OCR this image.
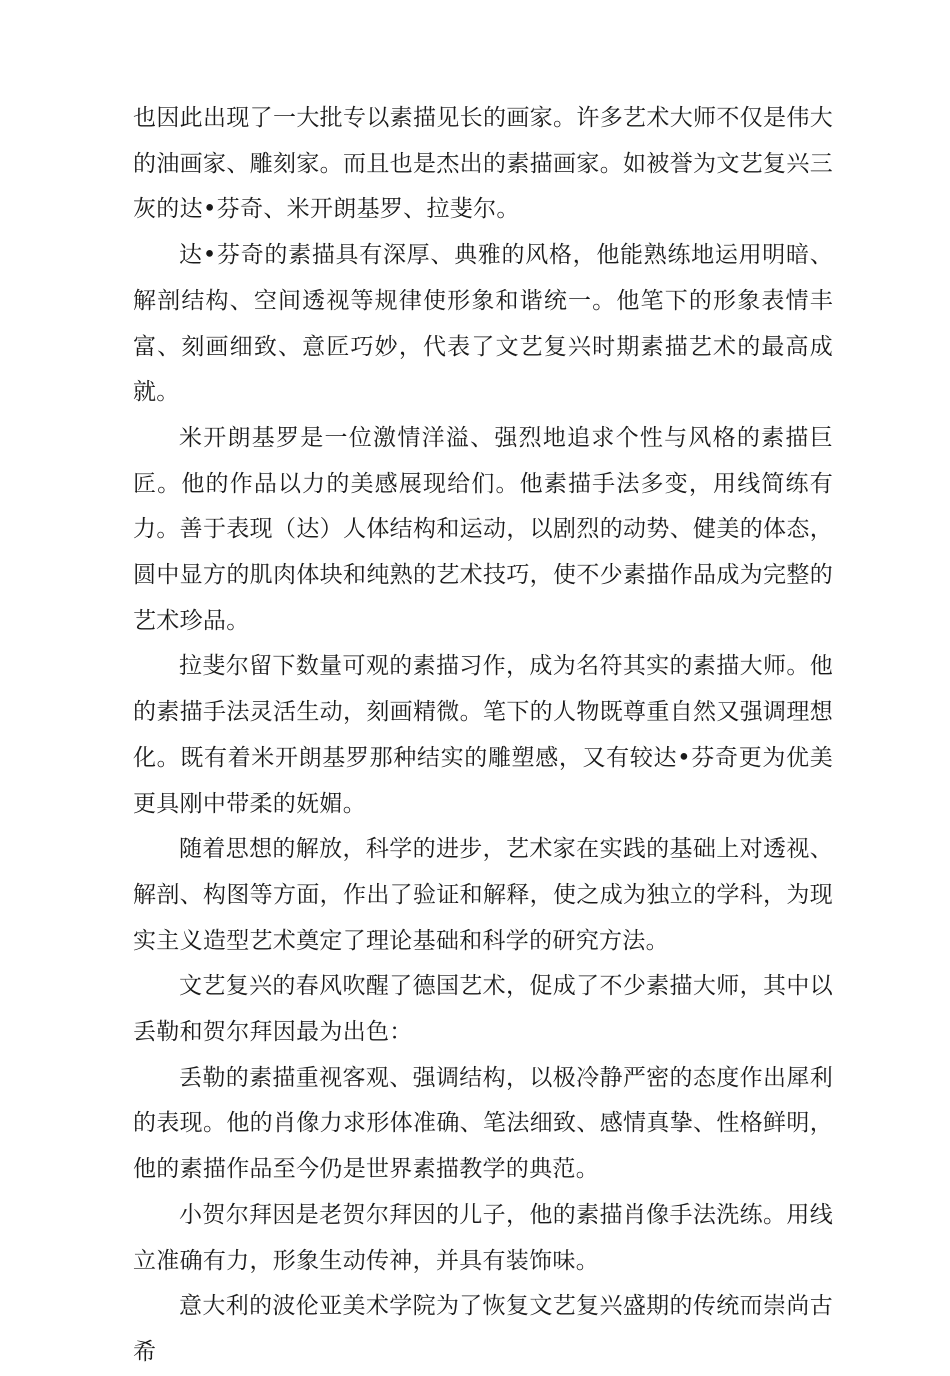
也因此出现了一大批专以素描见长的画家。许多艺术大师不仅是伟大的油画家、雕刻家。而且也是杰出的素描画家。如被誉为文艺复兴三灰的达•芬奇、米开朗基罗、拉斐尔。

达•芬奇的素描具有深厚、典雅的风格，他能熟练地运用明暗、解剖结构、空间透视等规律使形象和谐统一。他笔下的形象表情丰富、刻画细致、意匠巧妙，代表了文艺复兴时期素描艺术的最高成就。

米开朗基罗是一位激情洋溢、强烈地追求个性与风格的素描巨匠。他的作品以力的美感展现给们。他素描手法多变，用线简练有力。善于表现（达）人体结构和运动，以剧烈的动势、健美的体态，圆中显方的肌肉体块和纯熟的艺术技巧，使不少素描作品成为完整的艺术珍品。

拉斐尔留下数量可观的素描习作，成为名符其实的素描大师。他的素描手法灵活生动，刻画精微。笔下的人物既尊重自然又强调理想化。既有着米开朗基罗那种结实的雕塑感，又有较达•芬奇更为优美更具刚中带柔的妩媚。

随着思想的解放，科学的进步，艺术家在实践的基础上对透视、解剖、构图等方面，作出了验证和解释，使之成为独立的学科，为现实主义造型艺术奠定了理论基础和科学的研究方法。

文艺复兴的春风吹醒了德国艺术，促成了不少素描大师，其中以丢勒和贺尔拜因最为出色：

丢勒的素描重视客观、强调结构，以极冷静严密的态度作出犀利的表现。他的肖像力求形体准确、笔法细致、感情真挚、性格鲜明，他的素描作品至今仍是世界素描教学的典范。

小贺尔拜因是老贺尔拜因的儿子，他的素描肖像手法洗练。用线立准确有力，形象生动传神，并具有装饰味。

意大利的波伦亚美术学院为了恢复文艺复兴盛期的传统而崇尚古希
